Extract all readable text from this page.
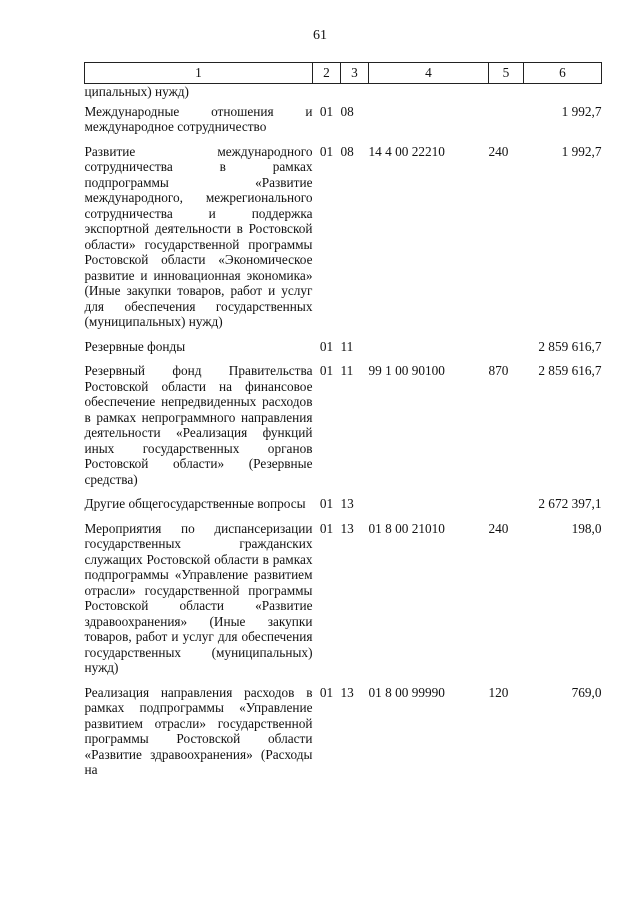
61
1	2	3	4	5	6
ципальных) нужд)					
Международные отношения и международное сотрудничество	01	08			1 992,7
Развитие международного сотрудничества в рамках подпрограммы «Развитие международного, межрегионального сотрудничества и поддержка экспортной деятельности в Ростовской области» государственной программы Ростовской области «Экономическое развитие и инновационная экономика» (Иные закупки товаров, работ и услуг для обеспечения государственных (муниципальных) нужд)	01	08	14 4 00 22210	240	1 992,7
Резервные фонды	01	11			2 859 616,7
Резервный фонд Правительства Ростовской области на финансовое обеспечение непредвиденных расходов в рамках непрограммного направления деятельности «Реализация функций иных государственных органов Ростовской области» (Резервные средства)	01	11	99 1 00 90100	870	2 859 616,7
Другие общегосударственные вопросы	01	13			2 672 397,1
Мероприятия по диспансеризации государственных гражданских служащих Ростовской области в рамках подпрограммы «Управление развитием отрасли» государственной программы Ростовской области «Развитие здравоохранения» (Иные закупки товаров, работ и услуг для обеспечения государственных (муниципальных) нужд)	01	13	01 8 00 21010	240	198,0
Реализация направления расходов в рамках подпрограммы «Управление развитием отрасли» государственной программы Ростовской области «Развитие здравоохранения» (Расходы на	01	13	01 8 00 99990	120	769,0
